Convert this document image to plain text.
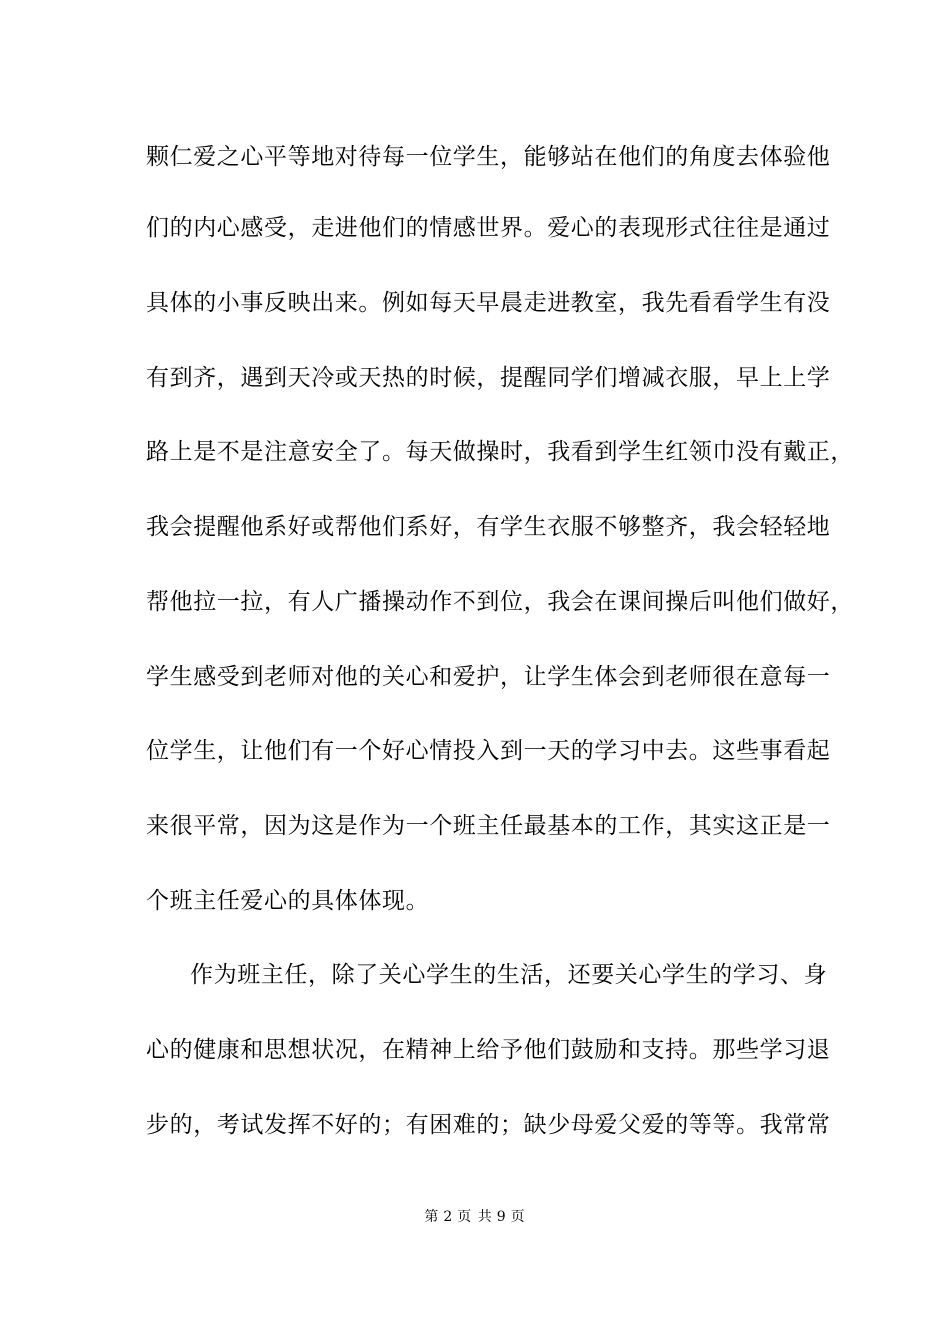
颗仁爱之心平等地对待每一位学生，能够站在他们的角度去体验他
们的内心感受，走进他们的情感世界。爱心的表现形式往往是通过
具体的小事反映出来。例如每天早晨走进教室，我先看看学生有没
有到齐，遇到天冷或天热的时候，提醒同学们增减衣服，早上上学
路上是不是注意安全了。每天做操时，我看到学生红领巾没有戴正，
我会提醒他系好或帮他们系好，有学生衣服不够整齐，我会轻轻地
帮他拉一拉，有人广播操动作不到位，我会在课间操后叫他们做好，
学生感受到老师对他的关心和爱护，让学生体会到老师很在意每一
位学生，让他们有一个好心情投入到一天的学习中去。这些事看起
来很平常，因为这是作为一个班主任最基本的工作，其实这正是一
个班主任爱心的具体体现。
作为班主任，除了关心学生的生活，还要关心学生的学习、身
心的健康和思想状况，在精神上给予他们鼓励和支持。那些学习退
步的，考试发挥不好的；有困难的；缺少母爱父爱的等等。我常常
第 2 页 共 9 页
